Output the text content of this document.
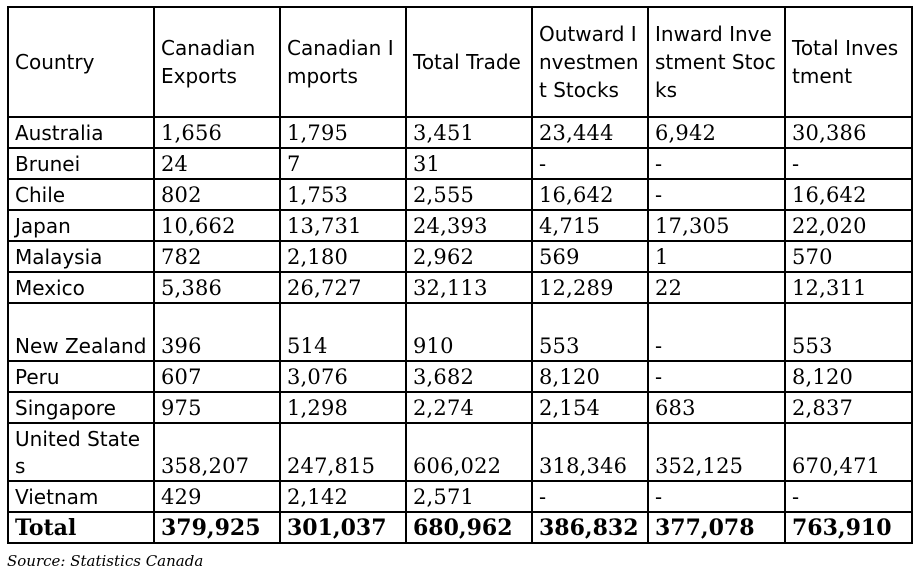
Country	Canadian Exports	Canadian Imports	Total Trade	Outward Investment Stocks	Inward Investment Stocks	Total Investment
Australia	1,656	1,795	3,451	23,444	6,942	30,386
Brunei	24	7	31	-	-	-
Chile	802	1,753	2,555	16,642	-	16,642
Japan	10,662	13,731	24,393	4,715	17,305	22,020
Malaysia	782	2,180	2,962	569	1	570
Mexico	5,386	26,727	32,113	12,289	22	12,311
New Zealand	396	514	910	553	-	553
Peru	607	3,076	3,682	8,120	-	8,120
Singapore	975	1,298	2,274	2,154	683	2,837
United States	358,207	247,815	606,022	318,346	352,125	670,471
Vietnam	429	2,142	2,571	-	-	-
Total	379,925	301,037	680,962	386,832	377,078	763,910
Source: Statistics Canada
